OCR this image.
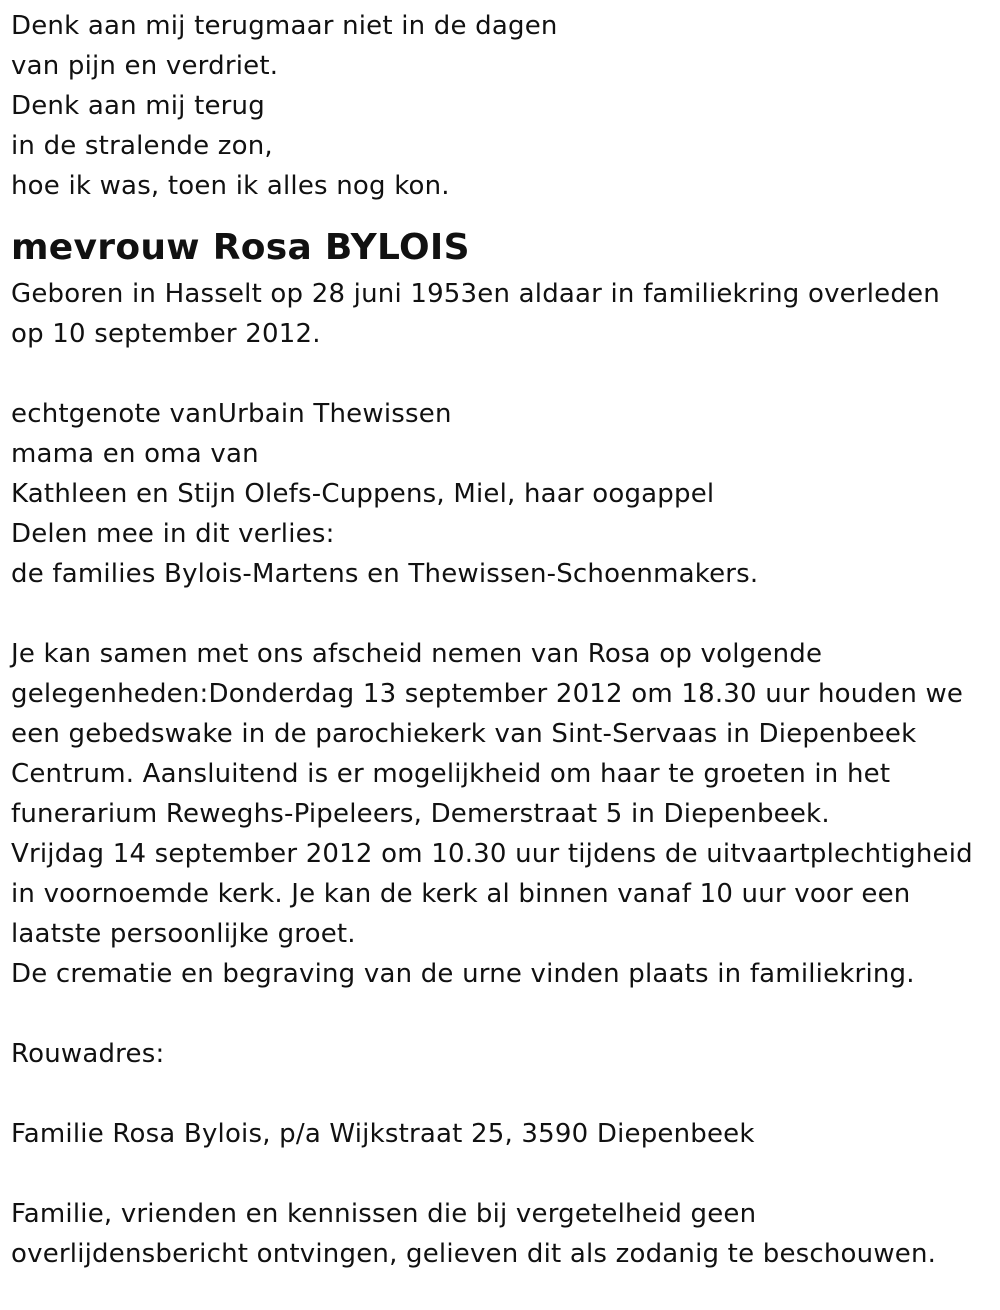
Denk aan mij terugmaar niet in de dagen
van pijn en verdriet.
Denk aan mij terug
in de stralende zon,
hoe ik was, toen ik alles nog kon.
mevrouw Rosa BYLOIS
Geboren in Hasselt op 28 juni 1953en aldaar in familiekring overleden
op 10 september 2012.
echtgenote vanUrbain Thewissen
mama en oma van
Kathleen en Stijn Olefs-Cuppens, Miel, haar oogappel
Delen mee in dit verlies:
de families Bylois-Martens en Thewissen-Schoenmakers.
Je kan samen met ons afscheid nemen van Rosa op volgende
gelegenheden:Donderdag 13 september 2012 om 18.30 uur houden we
een gebedswake in de parochiekerk van Sint-Servaas in Diepenbeek
Centrum. Aansluitend is er mogelijkheid om haar te groeten in het
funerarium Reweghs-Pipeleers, Demerstraat 5 in Diepenbeek.
Vrijdag 14 september 2012 om 10.30 uur tijdens de uitvaartplechtigheid
in voornoemde kerk. Je kan de kerk al binnen vanaf 10 uur voor een
laatste persoonlijke groet.
De crematie en begraving van de urne vinden plaats in familiekring.
Rouwadres:
Familie Rosa Bylois, p/a Wijkstraat 25, 3590 Diepenbeek
Familie, vrienden en kennissen die bij vergetelheid geen
overlijdensbericht ontvingen, gelieven dit als zodanig te beschouwen.
